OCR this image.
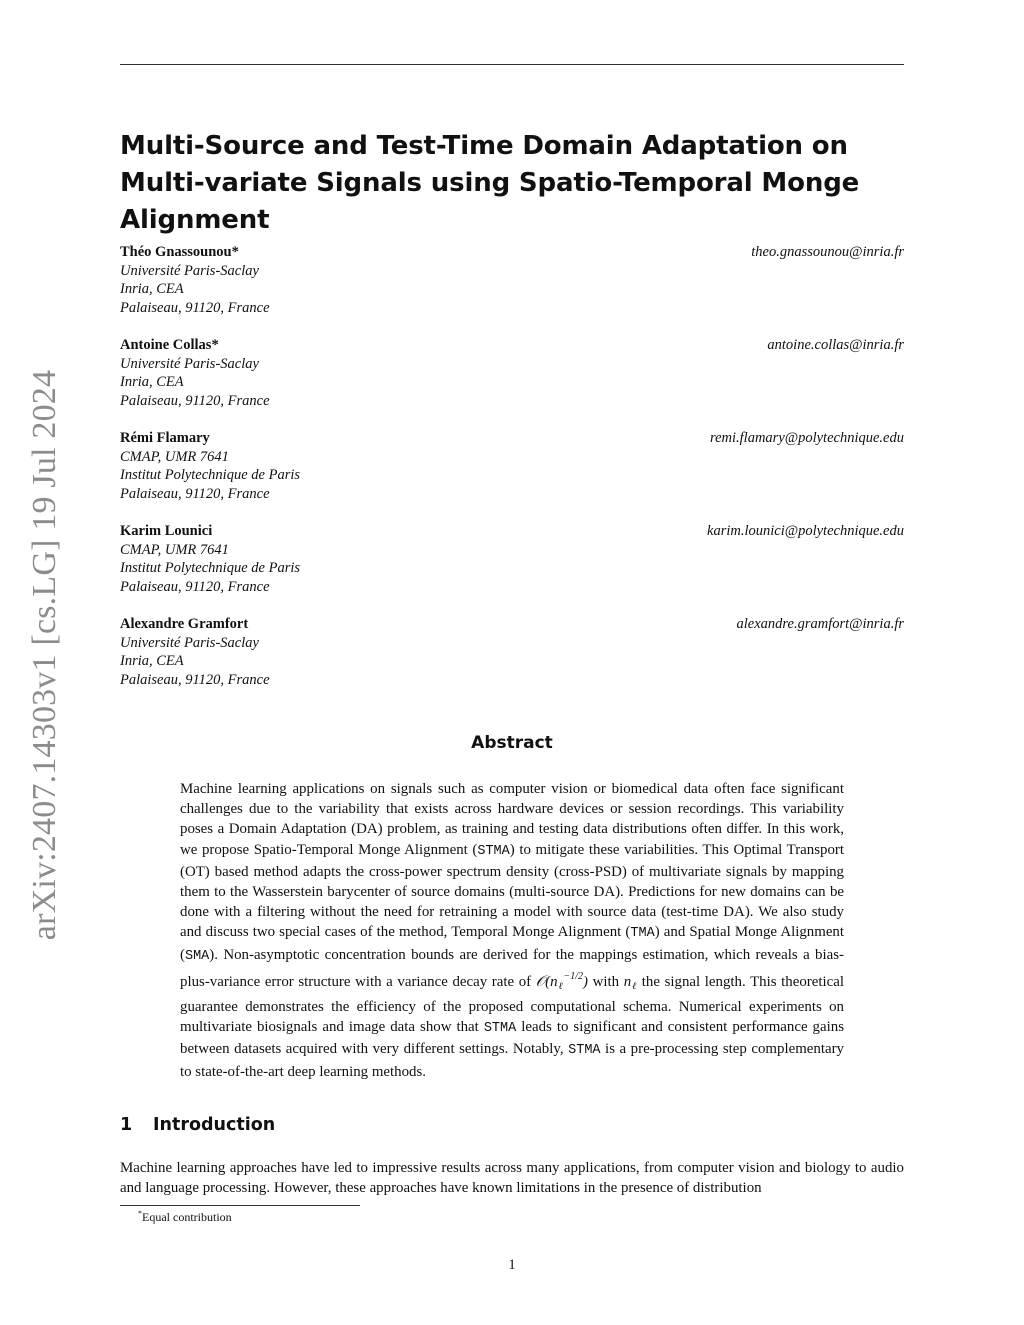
arXiv:2407.14303v1 [cs.LG] 19 Jul 2024
Multi-Source and Test-Time Domain Adaptation on Multi-variate Signals using Spatio-Temporal Monge Alignment
Théo Gnassounou*
Université Paris-Saclay
Inria, CEA
Palaiseau, 91120, France
theo.gnassounou@inria.fr
Antoine Collas*
Université Paris-Saclay
Inria, CEA
Palaiseau, 91120, France
antoine.collas@inria.fr
Rémi Flamary
CMAP, UMR 7641
Institut Polytechnique de Paris
Palaiseau, 91120, France
remi.flamary@polytechnique.edu
Karim Lounici
CMAP, UMR 7641
Institut Polytechnique de Paris
Palaiseau, 91120, France
karim.lounici@polytechnique.edu
Alexandre Gramfort
Université Paris-Saclay
Inria, CEA
Palaiseau, 91120, France
alexandre.gramfort@inria.fr
Abstract

Machine learning applications on signals such as computer vision or biomedical data often face significant challenges due to the variability that exists across hardware devices or session recordings. This variability poses a Domain Adaptation (DA) problem, as training and testing data distributions often differ. In this work, we propose Spatio-Temporal Monge Alignment (STMA) to mitigate these variabilities. This Optimal Transport (OT) based method adapts the cross-power spectrum density (cross-PSD) of multivariate signals by mapping them to the Wasserstein barycenter of source domains (multi-source DA). Predictions for new domains can be done with a filtering without the need for retraining a model with source data (test-time DA). We also study and discuss two special cases of the method, Temporal Monge Alignment (TMA) and Spatial Monge Alignment (SMA). Non-asymptotic concentration bounds are derived for the mappings estimation, which reveals a bias-plus-variance error structure with a variance decay rate of $𝒪(n_\ell^{-1/2})$ with $n_\ell$ the signal length. This theoretical guarantee demonstrates the efficiency of the proposed computational schema. Numerical experiments on multivariate biosignals and image data show that STMA leads to significant and consistent performance gains between datasets acquired with very different settings. Notably, STMA is a pre-processing step complementary to state-of-the-art deep learning methods.

1 Introduction

Machine learning approaches have led to impressive results across many applications, from computer vision and biology to audio and language processing. However, these approaches have known limitations in the presence of distribution

*Equal contribution
1
